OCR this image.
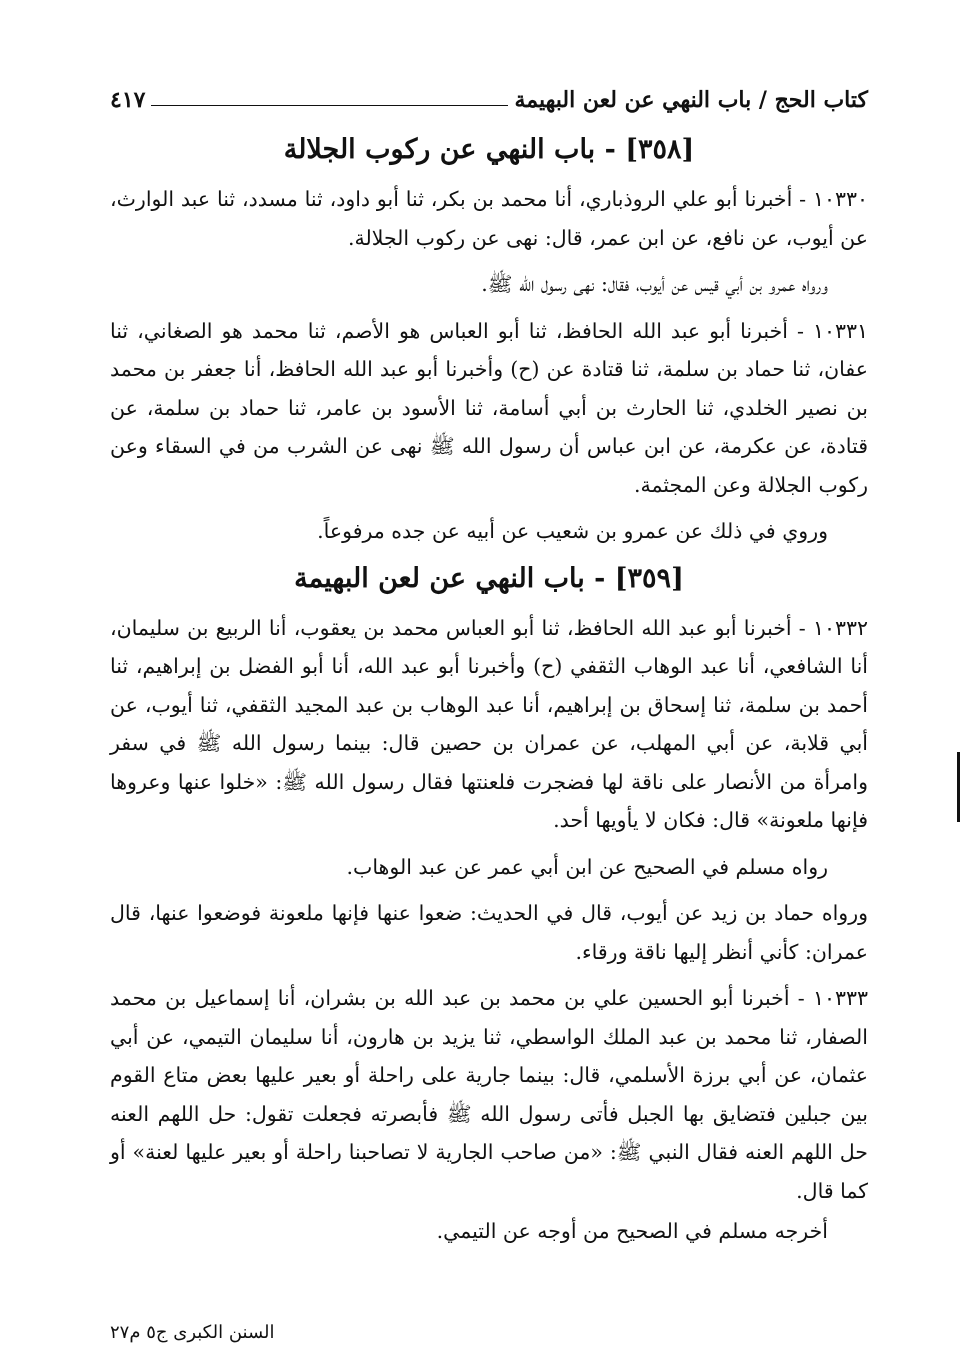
كتاب الحج / باب النهي عن لعن البهيمة
٤١٧
[٣٥٨] - باب النهي عن ركوب الجلالة

١٠٣٣٠ - أخبرنا أبو علي الروذباري، أنا محمد بن بكر، ثنا أبو داود، ثنا مسدد، ثنا عبد الوارث، عن أيوب، عن نافع، عن ابن عمر، قال: نهى عن ركوب الجلالة.

ورواه عمرو بن أبي قيس عن أيوب، فقال: نهى رسول الله ﷺ.

١٠٣٣١ - أخبرنا أبو عبد الله الحافظ، ثنا أبو العباس هو الأصم، ثنا محمد هو الصغاني، ثنا عفان، ثنا حماد بن سلمة، ثنا قتادة عن (ح) وأخبرنا أبو عبد الله الحافظ، أنا جعفر بن محمد بن نصير الخلدي، ثنا الحارث بن أبي أسامة، ثنا الأسود بن عامر، ثنا حماد بن سلمة، عن قتادة، عن عكرمة، عن ابن عباس أن رسول الله ﷺ نهى عن الشرب من في السقاء وعن ركوب الجلالة وعن المجثمة.

وروي في ذلك عن عمرو بن شعيب عن أبيه عن جده مرفوعاً.

[٣٥٩] - باب النهي عن لعن البهيمة

١٠٣٣٢ - أخبرنا أبو عبد الله الحافظ، ثنا أبو العباس محمد بن يعقوب، أنا الربيع بن سليمان، أنا الشافعي، أنا عبد الوهاب الثقفي (ح) وأخبرنا أبو عبد الله، أنا أبو الفضل بن إبراهيم، ثنا أحمد بن سلمة، ثنا إسحاق بن إبراهيم، أنا عبد الوهاب بن عبد المجيد الثقفي، ثنا أيوب، عن أبي قلابة، عن أبي المهلب، عن عمران بن حصين قال: بينما رسول الله ﷺ في سفر وامرأة من الأنصار على ناقة لها فضجرت فلعنتها فقال رسول الله ﷺ: «خلوا عنها وعروها فإنها ملعونة» قال: فكان لا يأويها أحد.

رواه مسلم في الصحيح عن ابن أبي عمر عن عبد الوهاب.

ورواه حماد بن زيد عن أيوب، قال في الحديث: ضعوا عنها فإنها ملعونة فوضعوا عنها، قال عمران: كأني أنظر إليها ناقة ورقاء.

١٠٣٣٣ - أخبرنا أبو الحسين علي بن محمد بن عبد الله بن بشران، أنا إسماعيل بن محمد الصفار، ثنا محمد بن عبد الملك الواسطي، ثنا يزيد بن هارون، أنا سليمان التيمي، عن أبي عثمان، عن أبي برزة الأسلمي، قال: بينما جارية على راحلة أو بعير عليها بعض متاع القوم بين جبلين فتضايق بها الجبل فأتى رسول الله ﷺ فأبصرته فجعلت تقول: حل اللهم العنه حل اللهم العنه فقال النبي ﷺ: «من صاحب الجارية لا تصاحبنا راحلة أو بعير عليها لعنة» أو كما قال.

أخرجه مسلم في الصحيح من أوجه عن التيمي.

السنن الكبرى ج٥ م٢٧
